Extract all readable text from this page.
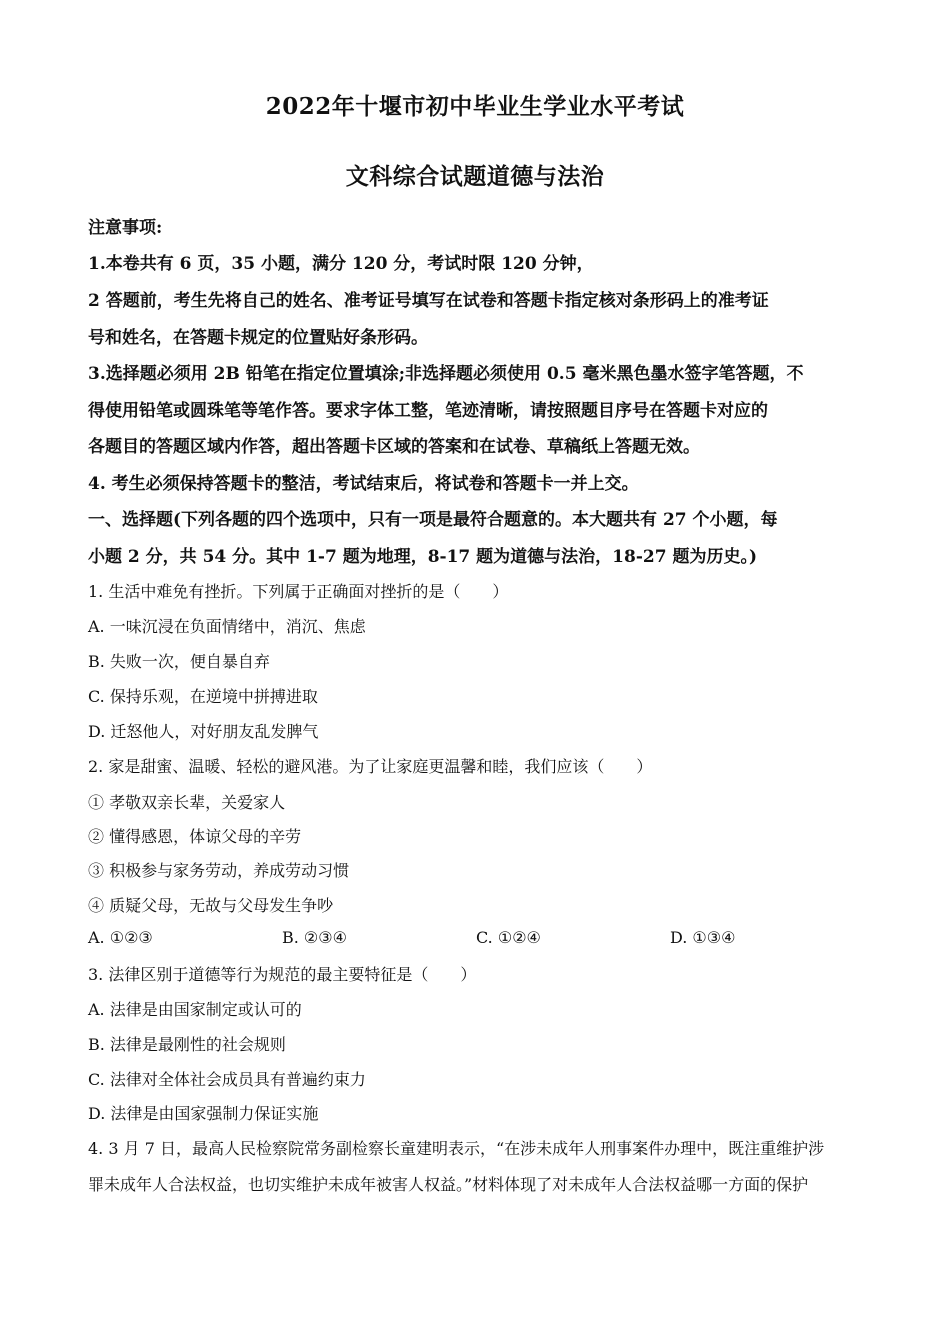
2022年十堰市初中毕业生学业水平考试
文科综合试题道德与法治
注意事项:
1.本卷共有 6 页，35 小题，满分 120 分，考试时限 120 分钟，
2 答题前，考生先将自己的姓名、准考证号填写在试卷和答题卡指定核对条形码上的准考证
号和姓名，在答题卡规定的位置贴好条形码。
3.选择题必须用 2B 铅笔在指定位置填涂;非选择题必须使用 0.5 毫米黑色墨水签字笔答题，不
得使用铅笔或圆珠笔等笔作答。要求字体工整，笔迹清晰，请按照题目序号在答题卡对应的
各题目的答题区域内作答，超出答题卡区域的答案和在试卷、草稿纸上答题无效。
4. 考生必须保持答题卡的整洁，考试结束后，将试卷和答题卡一并上交。
一、选择题(下列各题的四个选项中，只有一项是最符合题意的。本大题共有 27 个小题，每
小题 2 分，共 54 分。其中 1-7 题为地理，8-17 题为道德与法治，18-27 题为历史。)
1. 生活中难免有挫折。下列属于正确面对挫折的是（　　）
A. 一味沉浸在负面情绪中，消沉、焦虑
B. 失败一次，便自暴自弃
C. 保持乐观，在逆境中拼搏进取
D. 迁怒他人，对好朋友乱发脾气
2. 家是甜蜜、温暖、轻松的避风港。为了让家庭更温馨和睦，我们应该（　　）
① 孝敬双亲长辈，关爱家人
② 懂得感恩，体谅父母的辛劳
③ 积极参与家务劳动，养成劳动习惯
④ 质疑父母，无故与父母发生争吵
A. ①②③	B. ②③④	C. ①②④	D. ①③④
3. 法律区别于道德等行为规范的最主要特征是（　　）
A. 法律是由国家制定或认可的
B. 法律是最刚性的社会规则
C. 法律对全体社会成员具有普遍约束力
D. 法律是由国家强制力保证实施
4. 3 月 7 日，最高人民检察院常务副检察长童建明表示，“在涉未成年人刑事案件办理中，既注重维护涉
罪未成年人合法权益，也切实维护未成年被害人权益。”材料体现了对未成年人合法权益哪一方面的保护
